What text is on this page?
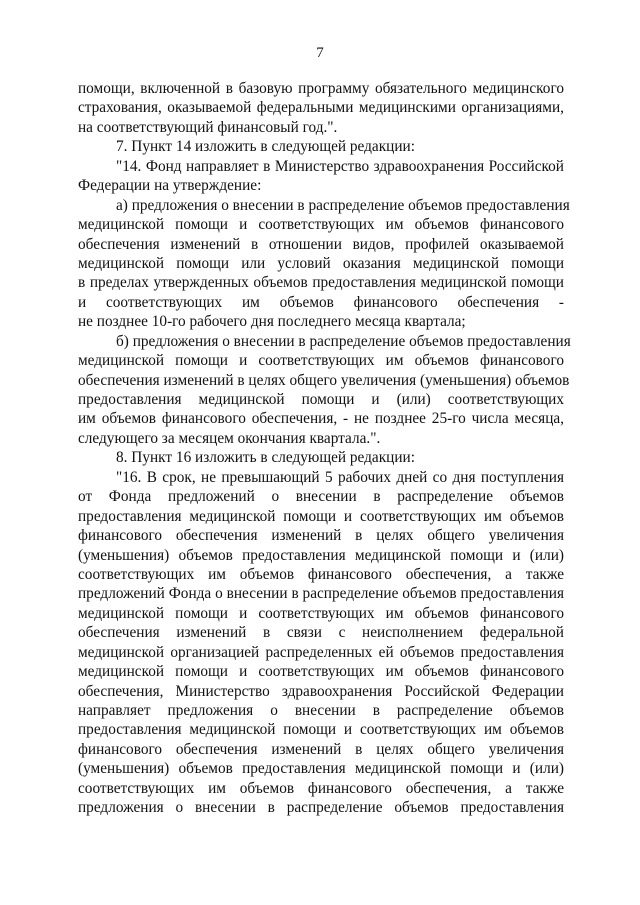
7
помощи, включенной в базовую программу обязательного медицинского
страхования, оказываемой федеральными медицинскими организациями,
на соответствующий финансовый год.".
7. Пункт 14 изложить в следующей редакции:
"14. Фонд направляет в Министерство здравоохранения Российской
Федерации на утверждение:
а) предложения о внесении в распределение объемов предоставления
медицинской помощи и соответствующих им объемов финансового
обеспечения изменений в отношении видов, профилей оказываемой
медицинской помощи или условий оказания медицинской помощи
в пределах утвержденных объемов предоставления медицинской помощи
и соответствующих им объемов финансового обеспечения -
не позднее 10-го рабочего дня последнего месяца квартала;
б) предложения о внесении в распределение объемов предоставления
медицинской помощи и соответствующих им объемов финансового
обеспечения изменений в целях общего увеличения (уменьшения) объемов
предоставления медицинской помощи и (или) соответствующих
им объемов финансового обеспечения, - не позднее 25-го числа месяца,
следующего за месяцем окончания квартала.".
8. Пункт 16 изложить в следующей редакции:
"16. В срок, не превышающий 5 рабочих дней со дня поступления
от Фонда предложений о внесении в распределение объемов
предоставления медицинской помощи и соответствующих им объемов
финансового обеспечения изменений в целях общего увеличения
(уменьшения) объемов предоставления медицинской помощи и (или)
соответствующих им объемов финансового обеспечения, а также
предложений Фонда о внесении в распределение объемов предоставления
медицинской помощи и соответствующих им объемов финансового
обеспечения изменений в связи с неисполнением федеральной
медицинской организацией распределенных ей объемов предоставления
медицинской помощи и соответствующих им объемов финансового
обеспечения, Министерство здравоохранения Российской Федерации
направляет предложения о внесении в распределение объемов
предоставления медицинской помощи и соответствующих им объемов
финансового обеспечения изменений в целях общего увеличения
(уменьшения) объемов предоставления медицинской помощи и (или)
соответствующих им объемов финансового обеспечения, а также
предложения о внесении в распределение объемов предоставления
